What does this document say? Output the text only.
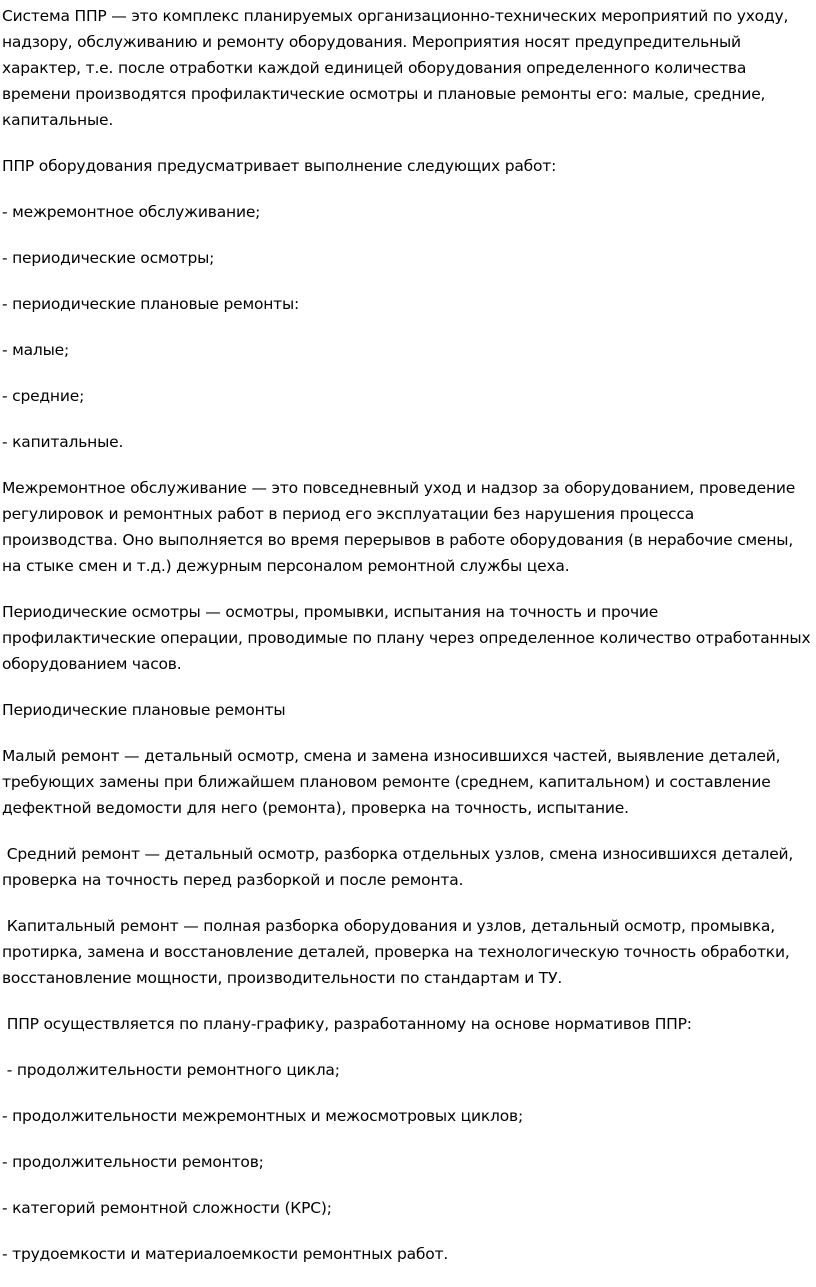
Система ППР — это комплекс планируемых организационно-технических мероприятий по уходу, надзору, обслуживанию и ремонту оборудования. Мероприятия носят предупредительный характер, т.е. после отработки каждой единицей оборудования определенного количества времени производятся профилактические осмотры и плановые ремонты его: малые, средние, капитальные.

ППР оборудования предусматривает выполнение следующих работ:

- межремонтное обслуживание;

- периодические осмотры;

- периодические плановые ремонты:

- малые;

- средние;

- капитальные.

Межремонтное обслуживание — это повседневный уход и надзор за оборудованием, проведение регулировок и ремонтных работ в период его эксплуатации без нарушения процесса производства. Оно выполняется во время перерывов в работе оборудования (в нерабочие смены, на стыке смен и т.д.) дежурным персоналом ремонтной службы цеха.

Периодические осмотры — осмотры, промывки, испытания на точность и прочие профилактические операции, проводимые по плану через определенное количество отработанных оборудованием часов.

Периодические плановые ремонты

Малый ремонт — детальный осмотр, смена и замена износившихся частей, выявление деталей, требующих замены при ближайшем плановом ремонте (среднем, капитальном) и составление дефектной ведомости для него (ремонта), проверка на точность, испытание.

Средний ремонт — детальный осмотр, разборка отдельных узлов, смена износившихся деталей, проверка на точность перед разборкой и после ремонта.

Капитальный ремонт — полная разборка оборудования и узлов, детальный осмотр, промывка, протирка, замена и восстановление деталей, проверка на технологическую точность обработки, восстановление мощности, производительности по стандартам и ТУ.

ППР осуществляется по плану-графику, разработанному на основе нормативов ППР:

- продолжительности ремонтного цикла;

- продолжительности межремонтных и межосмотровых циклов;

- продолжительности ремонтов;

- категорий ремонтной сложности (КРС);

- трудоемкости и материалоемкости ремонтных работ.
